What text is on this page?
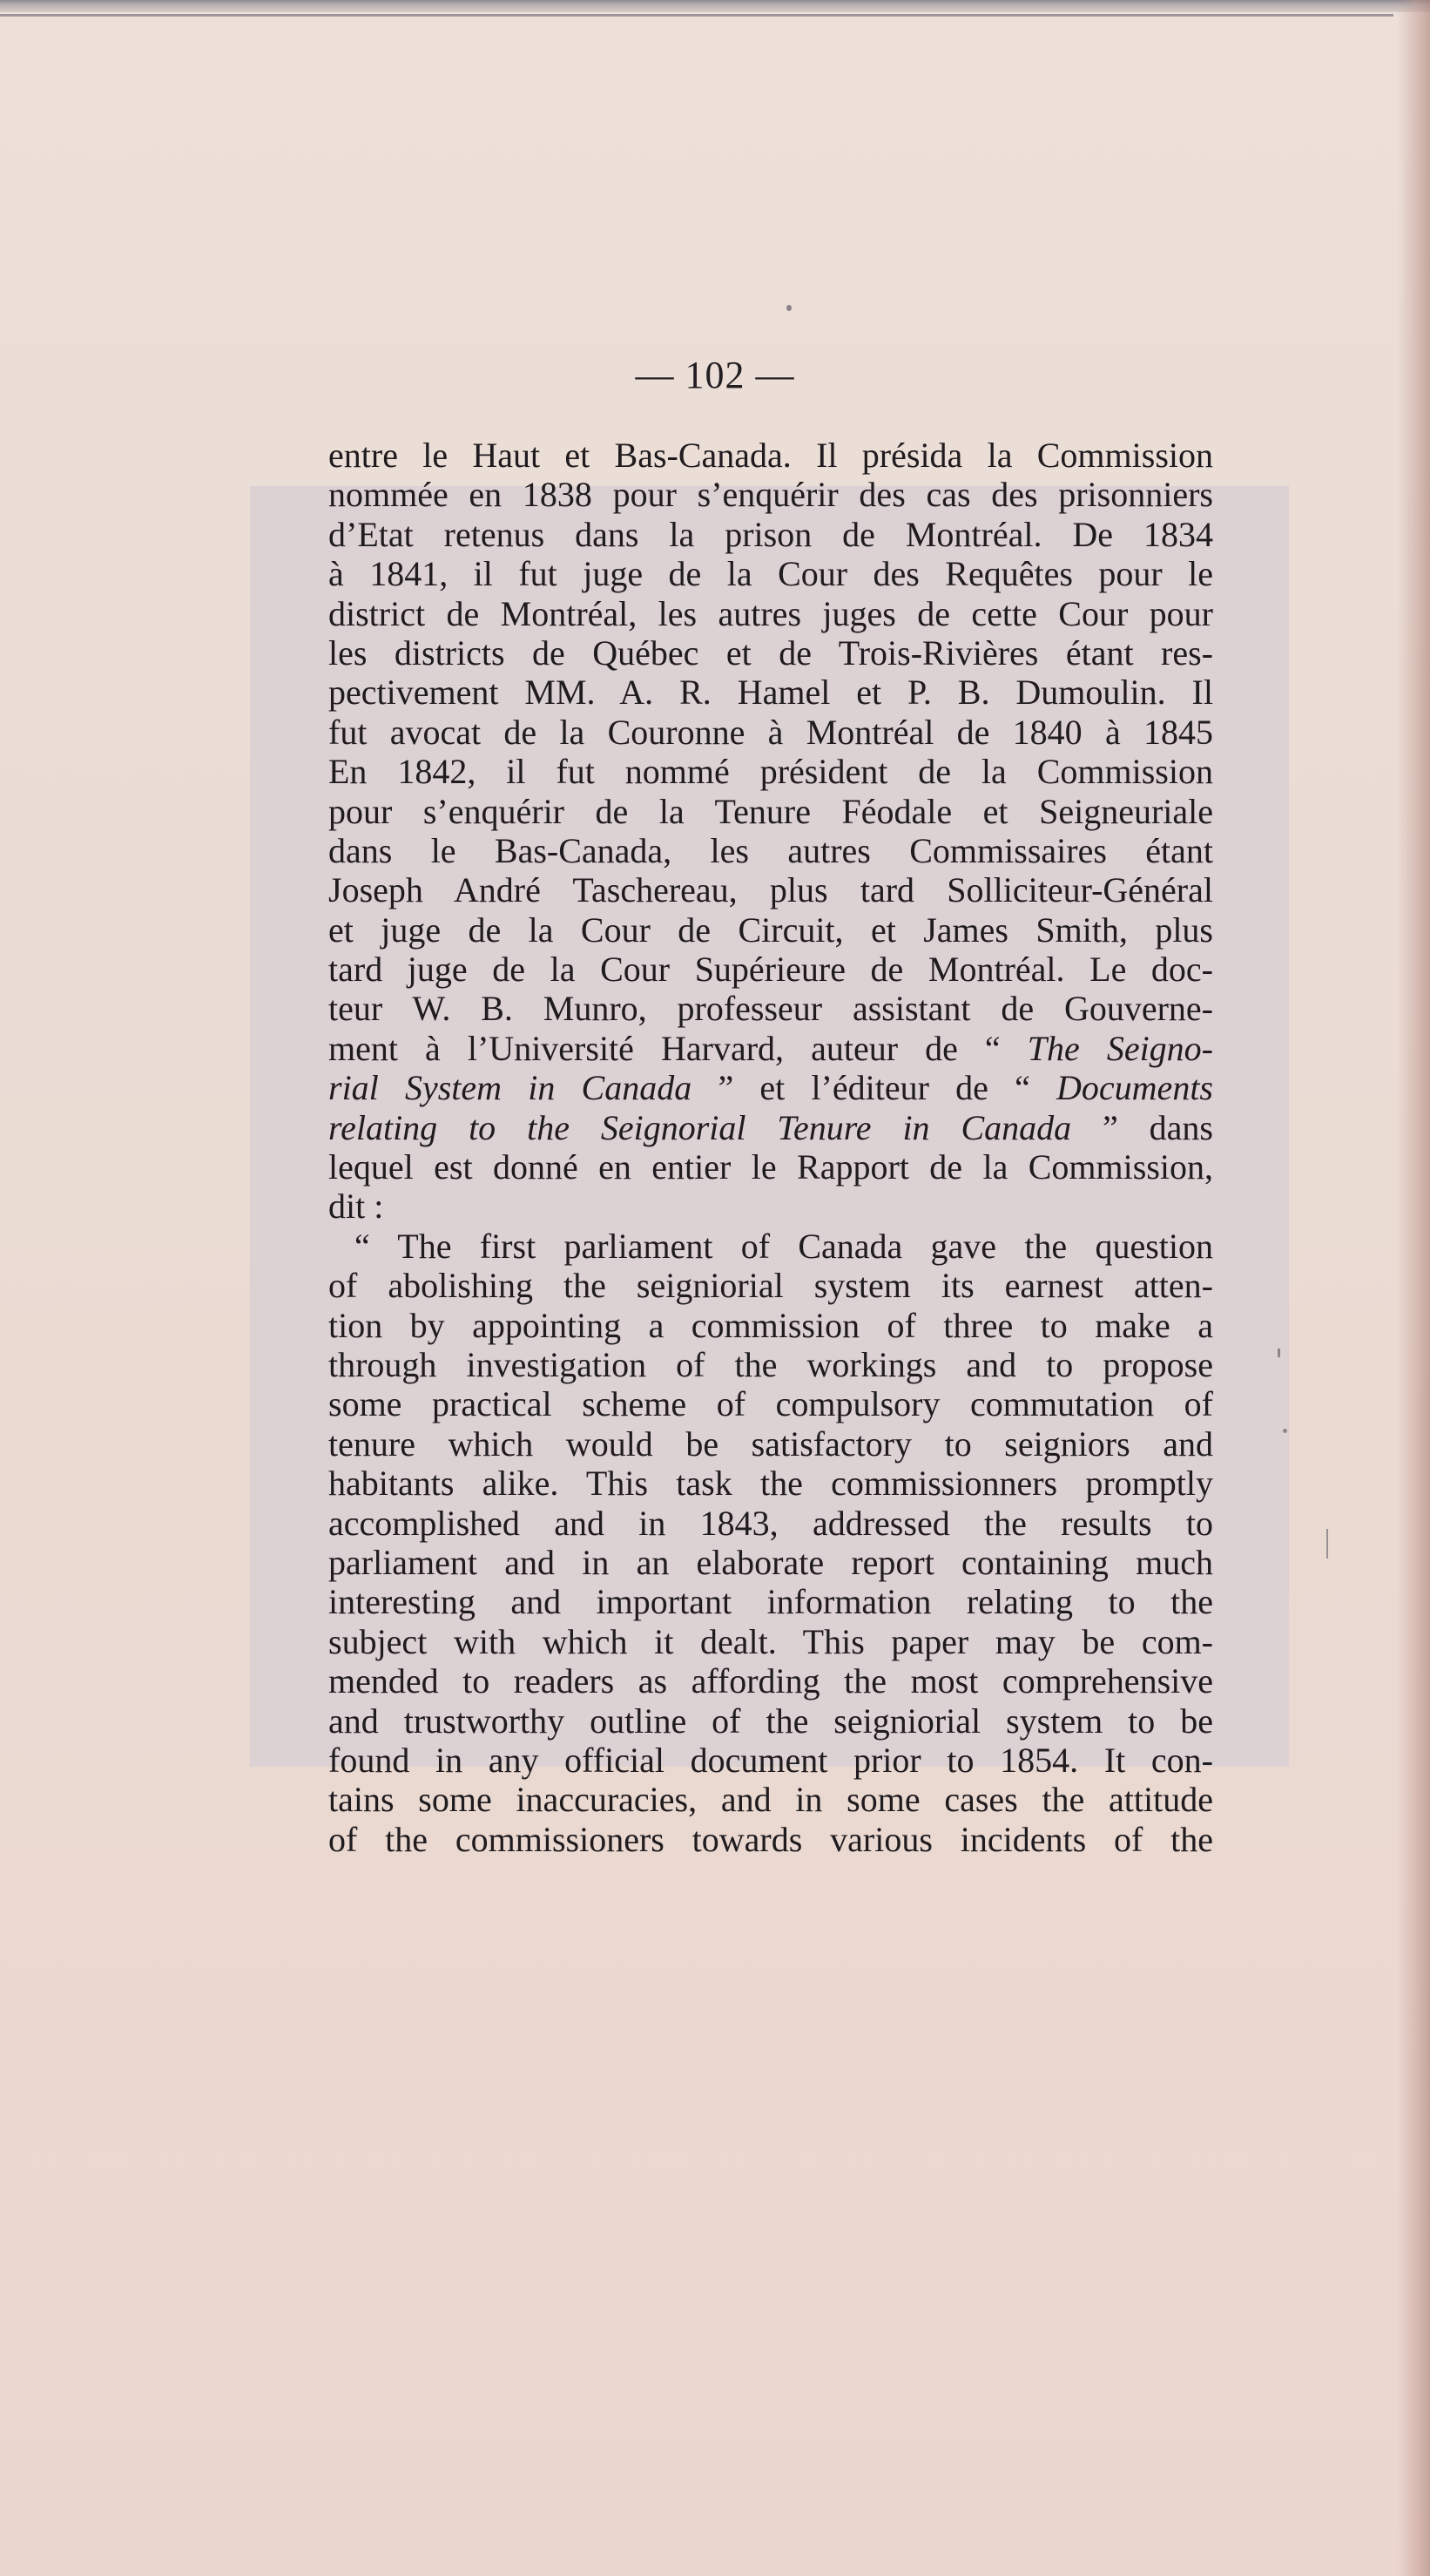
— 102 —
entre le Haut et Bas-Canada. Il présida la Commission
nommée en 1838 pour s’enquérir des cas des prisonniers
d’Etat retenus dans la prison de Montréal. De 1834
à 1841, il fut juge de la Cour des Requêtes pour le
district de Montréal, les autres juges de cette Cour pour
les districts de Québec et de Trois-Rivières étant res-
pectivement MM. A. R. Hamel et P. B. Dumoulin. Il
fut avocat de la Couronne à Montréal de 1840 à 1845
En 1842, il fut nommé président de la Commission
pour s’enquérir de la Tenure Féodale et Seigneuriale
dans le Bas-Canada, les autres Commissaires étant
Joseph André Taschereau, plus tard Solliciteur-Général
et juge de la Cour de Circuit, et James Smith, plus
tard juge de la Cour Supérieure de Montréal. Le doc-
teur W. B. Munro, professeur assistant de Gouverne-
ment à l’Université Harvard, auteur de “ The Seigno-
rial System in Canada ” et l’éditeur de “ Documents
relating to the Seignorial Tenure in Canada ” dans
lequel est donné en entier le Rapport de la Commission,
dit :
“ The first parliament of Canada gave the question
of abolishing the seigniorial system its earnest atten-
tion by appointing a commission of three to make a
through investigation of the workings and to propose
some practical scheme of compulsory commutation of
tenure which would be satisfactory to seigniors and
habitants alike. This task the commissionners promptly
accomplished and in 1843, addressed the results to
parliament and in an elaborate report containing much
interesting and important information relating to the
subject with which it dealt. This paper may be com-
mended to readers as affording the most comprehensive
and trustworthy outline of the seigniorial system to be
found in any official document prior to 1854. It con-
tains some inaccuracies, and in some cases the attitude
of the commissioners towards various incidents of the
